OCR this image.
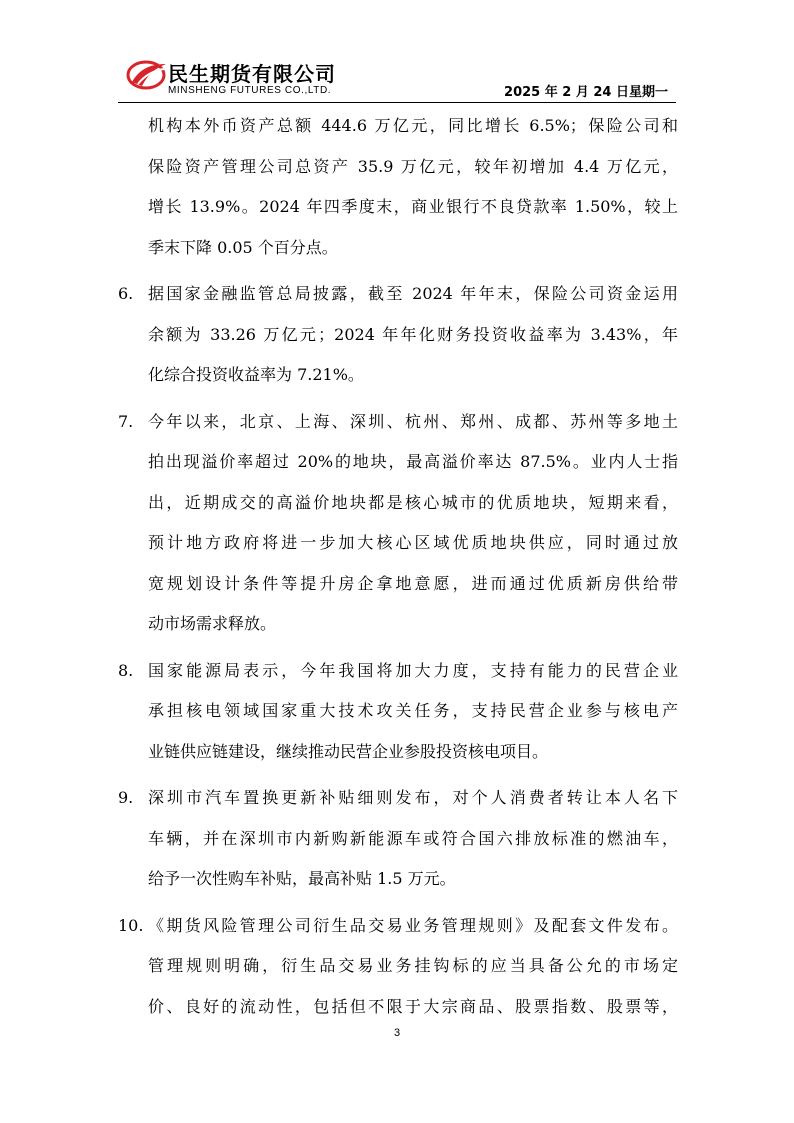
民生期货有限公司
MINSHENG FUTURES CO.,LTD.	2025 年 2 月 24 日星期一
机构本外币资产总额 444.6 万亿元，同比增长 6.5%；保险公司和
保险资产管理公司总资产 35.9 万亿元，较年初增加 4.4 万亿元，
增长 13.9%。2024 年四季度末，商业银行不良贷款率 1.50%，较上
季末下降 0.05 个百分点。
6. 据国家金融监管总局披露，截至 2024 年年末，保险公司资金运用
余额为 33.26 万亿元；2024 年年化财务投资收益率为 3.43%，年
化综合投资收益率为 7.21%。
7. 今年以来，北京、上海、深圳、杭州、郑州、成都、苏州等多地土
拍出现溢价率超过 20%的地块，最高溢价率达 87.5%。业内人士指
出，近期成交的高溢价地块都是核心城市的优质地块，短期来看，
预计地方政府将进一步加大核心区域优质地块供应，同时通过放
宽规划设计条件等提升房企拿地意愿，进而通过优质新房供给带
动市场需求释放。
8. 国家能源局表示，今年我国将加大力度，支持有能力的民营企业
承担核电领域国家重大技术攻关任务，支持民营企业参与核电产
业链供应链建设，继续推动民营企业参股投资核电项目。
9. 深圳市汽车置换更新补贴细则发布，对个人消费者转让本人名下
车辆，并在深圳市内新购新能源车或符合国六排放标准的燃油车，
给予一次性购车补贴，最高补贴 1.5 万元。
10. 《期货风险管理公司衍生品交易业务管理规则》及配套文件发布。
管理规则明确，衍生品交易业务挂钩标的应当具备公允的市场定
价、良好的流动性，包括但不限于大宗商品、股票指数、股票等，
3
